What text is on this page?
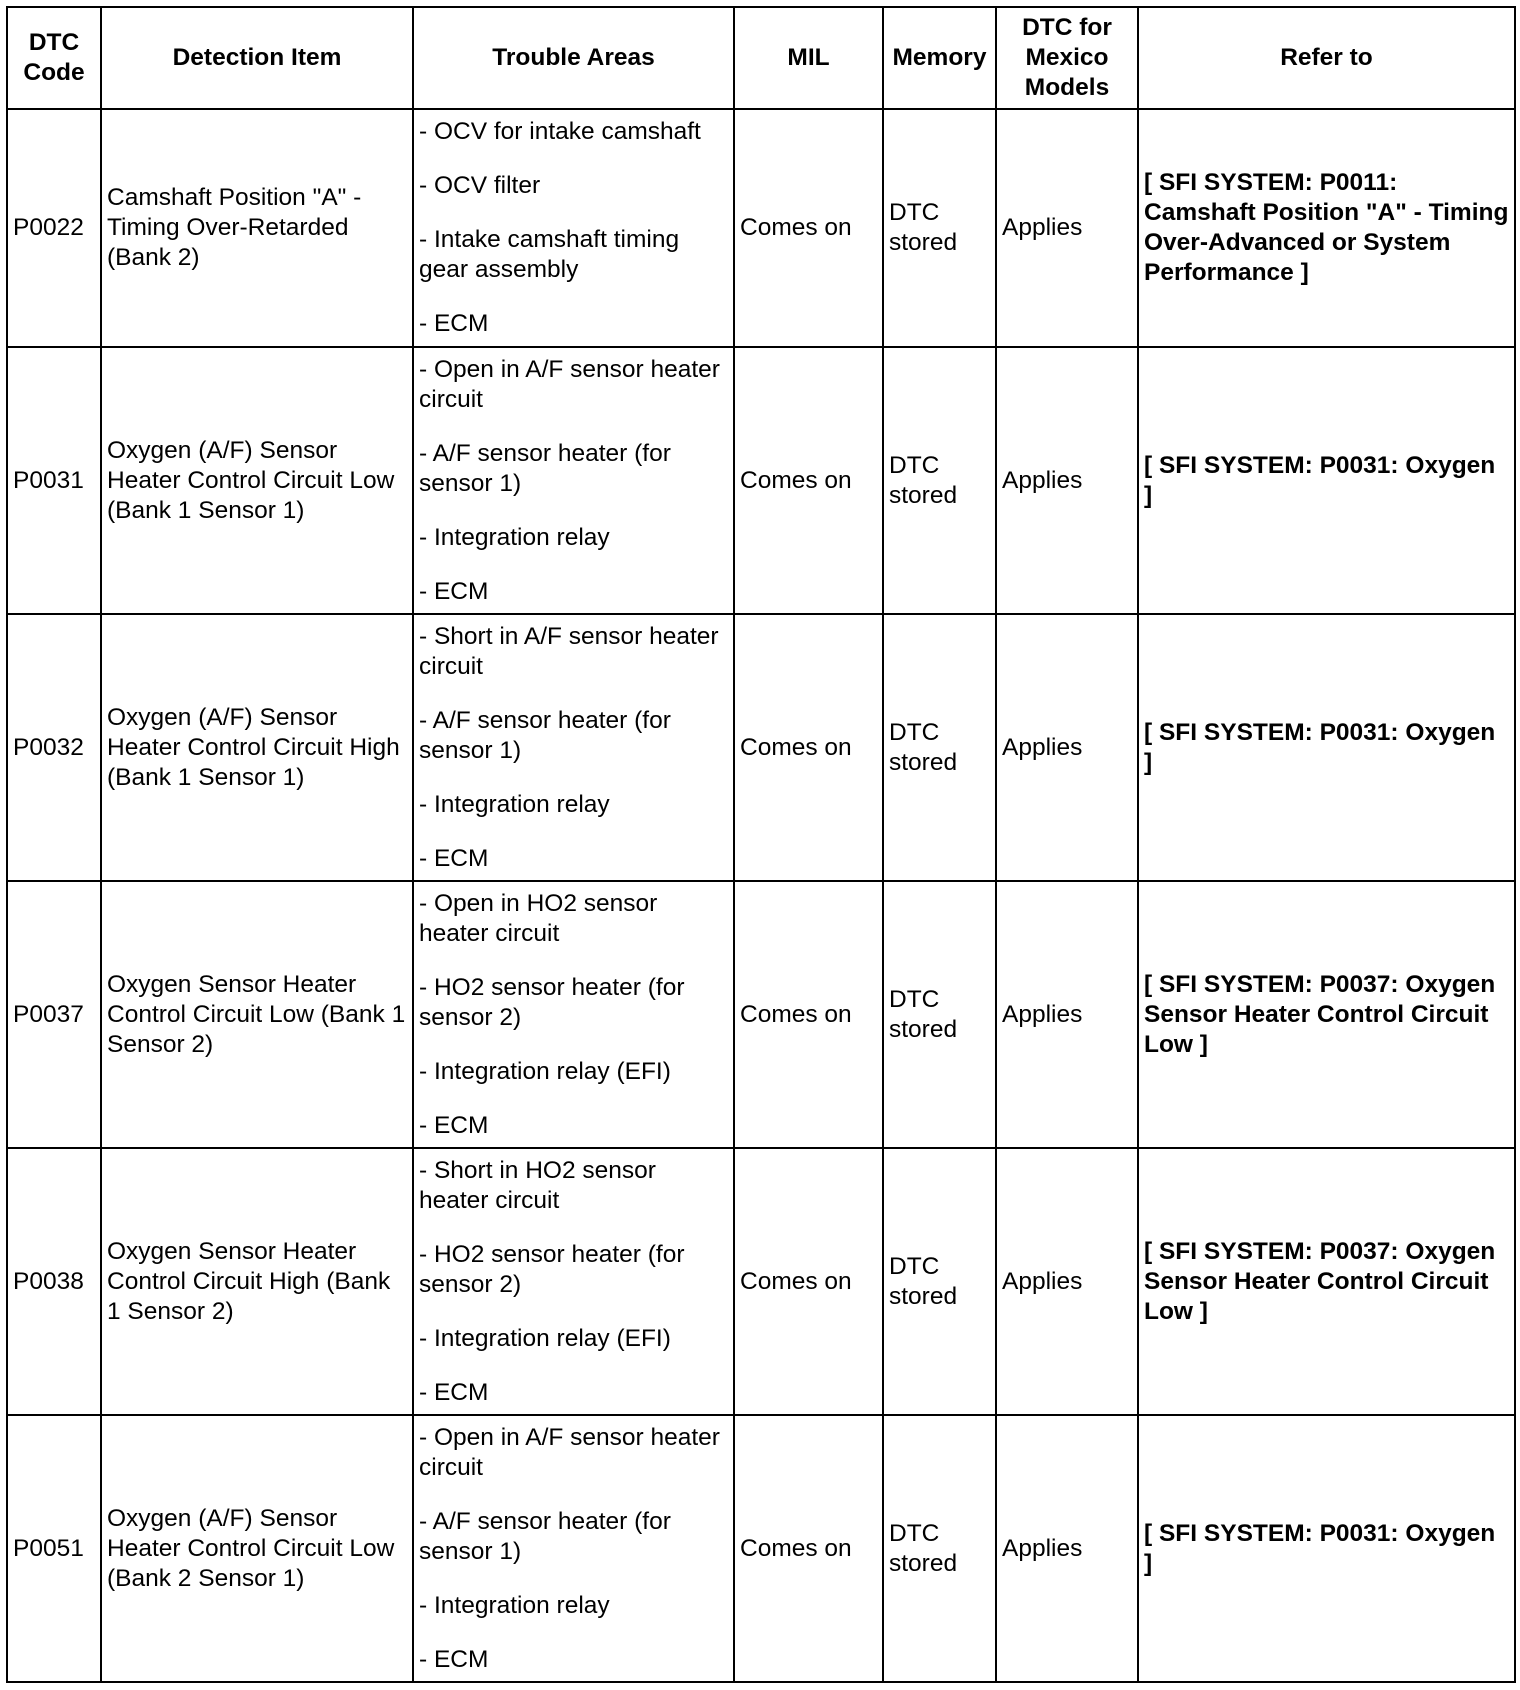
DTC Code	Detection Item	Trouble Areas	MIL	Memory	DTC for Mexico Models	Refer to
P0022	Camshaft Position "A" - Timing Over-Retarded (Bank 2)	- OCV for intake camshaft
- OCV filter
- Intake camshaft timing gear assembly
- ECM	Comes on	DTC stored	Applies	[ SFI SYSTEM: P0011: Camshaft Position "A" - Timing Over-Advanced or System Performance ]
P0031	Oxygen (A/F) Sensor Heater Control Circuit Low (Bank 1 Sensor 1)	- Open in A/F sensor heater circuit
- A/F sensor heater (for sensor 1)
- Integration relay
- ECM	Comes on	DTC stored	Applies	[ SFI SYSTEM: P0031: Oxygen ]
P0032	Oxygen (A/F) Sensor Heater Control Circuit High (Bank 1 Sensor 1)	- Short in A/F sensor heater circuit
- A/F sensor heater (for sensor 1)
- Integration relay
- ECM	Comes on	DTC stored	Applies	[ SFI SYSTEM: P0031: Oxygen ]
P0037	Oxygen Sensor Heater Control Circuit Low (Bank 1 Sensor 2)	- Open in HO2 sensor heater circuit
- HO2 sensor heater (for sensor 2)
- Integration relay (EFI)
- ECM	Comes on	DTC stored	Applies	[ SFI SYSTEM: P0037: Oxygen Sensor Heater Control Circuit Low ]
P0038	Oxygen Sensor Heater Control Circuit High (Bank 1 Sensor 2)	- Short in HO2 sensor heater circuit
- HO2 sensor heater (for sensor 2)
- Integration relay (EFI)
- ECM	Comes on	DTC stored	Applies	[ SFI SYSTEM: P0037: Oxygen Sensor Heater Control Circuit Low ]
P0051	Oxygen (A/F) Sensor Heater Control Circuit Low (Bank 2 Sensor 1)	- Open in A/F sensor heater circuit
- A/F sensor heater (for sensor 1)
- Integration relay
- ECM	Comes on	DTC stored	Applies	[ SFI SYSTEM: P0031: Oxygen ]
